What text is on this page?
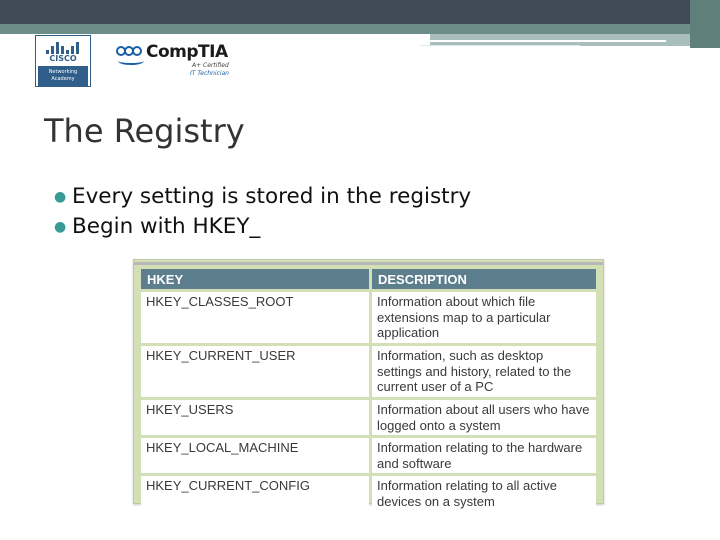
CISCO
Networking Academy
CompTIA
A+ Certified
IT Technician
The Registry
● Every setting is stored in the registry
● Begin with HKEY_
HKEY	DESCRIPTION
HKEY_CLASSES_ROOT	Information about which file extensions map to a particular application
HKEY_CURRENT_USER	Information, such as desktop settings and history, related to the current user of a PC
HKEY_USERS	Information about all users who have logged onto a system
HKEY_LOCAL_MACHINE	Information relating to the hardware and software
HKEY_CURRENT_CONFIG	Information relating to all active devices on a system
